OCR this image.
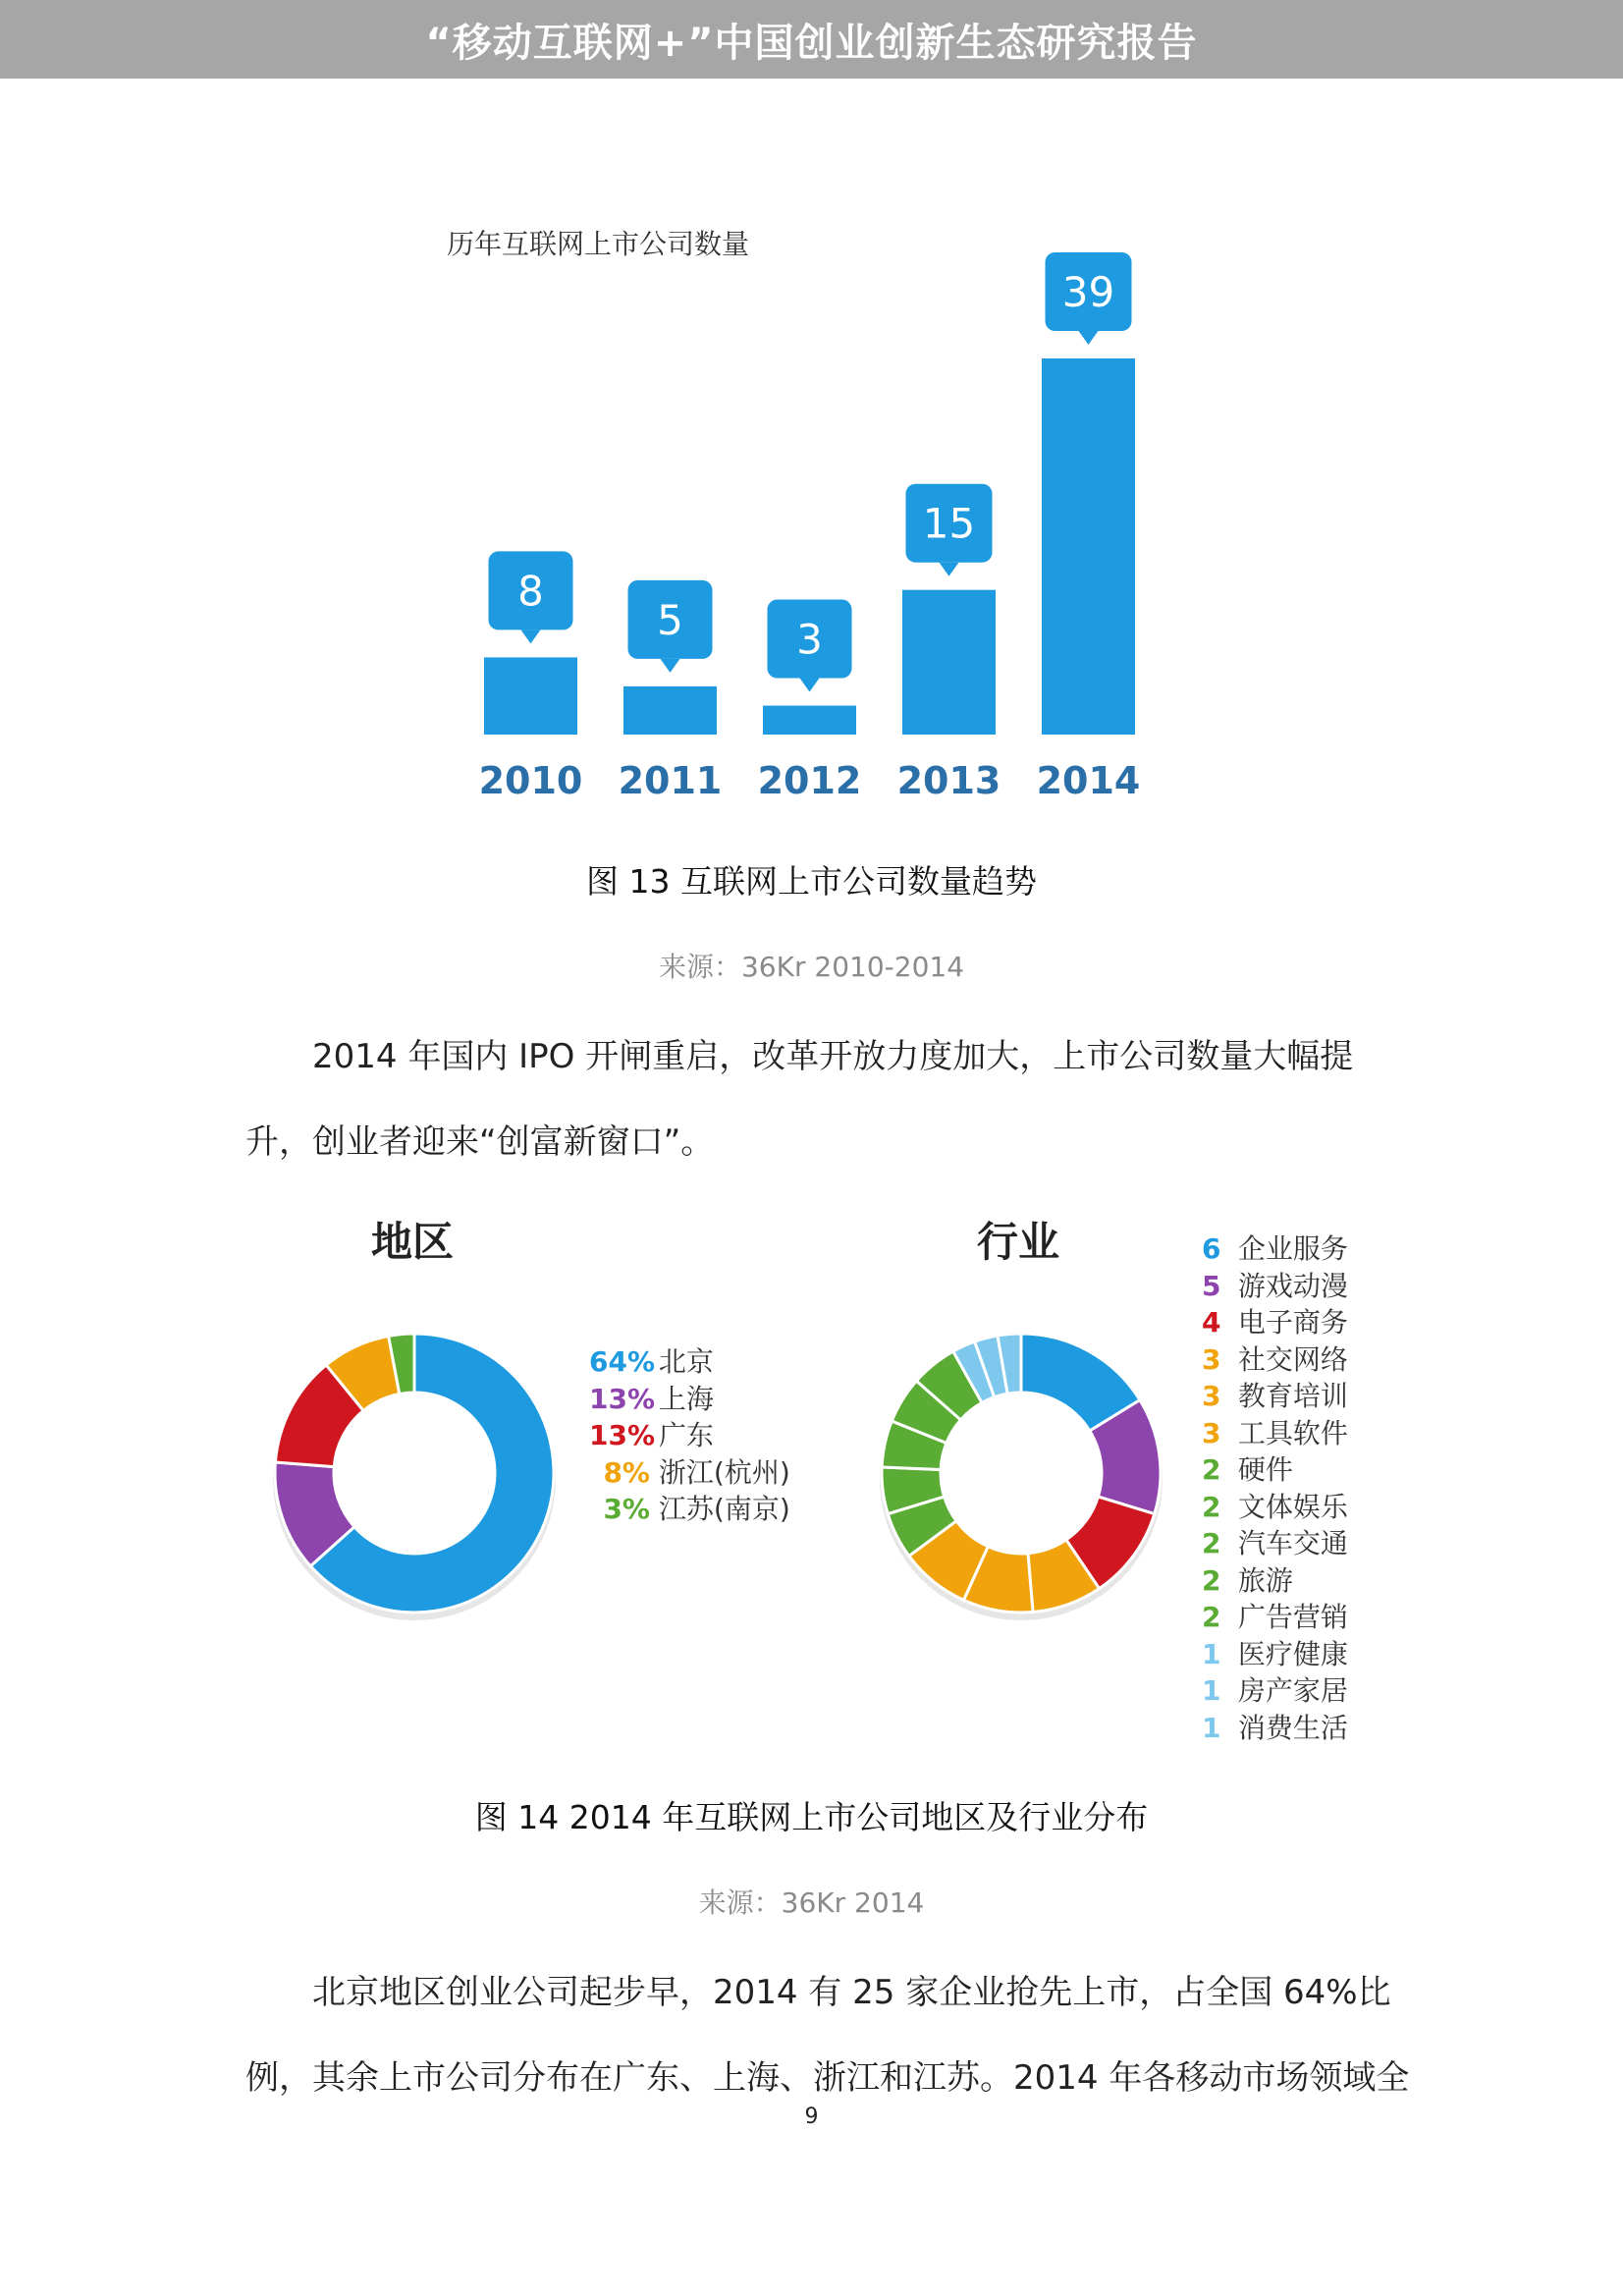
“移动互联网+”中国创业创新生态研究报告
历年互联网上市公司数量
8
2010
5
2011
3
2012
15
2013
39
2014
图 13 互联网上市公司数量趋势
来源：36Kr 2010-2014
2014 年国内 IPO 开闸重启，改革开放力度加大，上市公司数量大幅提
升，创业者迎来“创富新窗口”。
地区
64% 北京
13% 上海
13% 广东
8% 浙江(杭州)
3% 江苏(南京)
行业	6 企业服务
5 游戏动漫
4 电子商务
3 社交网络
3 教育培训
3 工具软件
2 硬件
2 文体娱乐
2 汽车交通
2 旅游
2 广告营销
1 医疗健康
1 房产家居
1 消费生活
图 14 2014 年互联网上市公司地区及行业分布
来源：36Kr 2014
北京地区创业公司起步早，2014 有 25 家企业抢先上市，占全国 64%比
例，其余上市公司分布在广东、上海、浙江和江苏。2014 年各移动市场领域全
9
